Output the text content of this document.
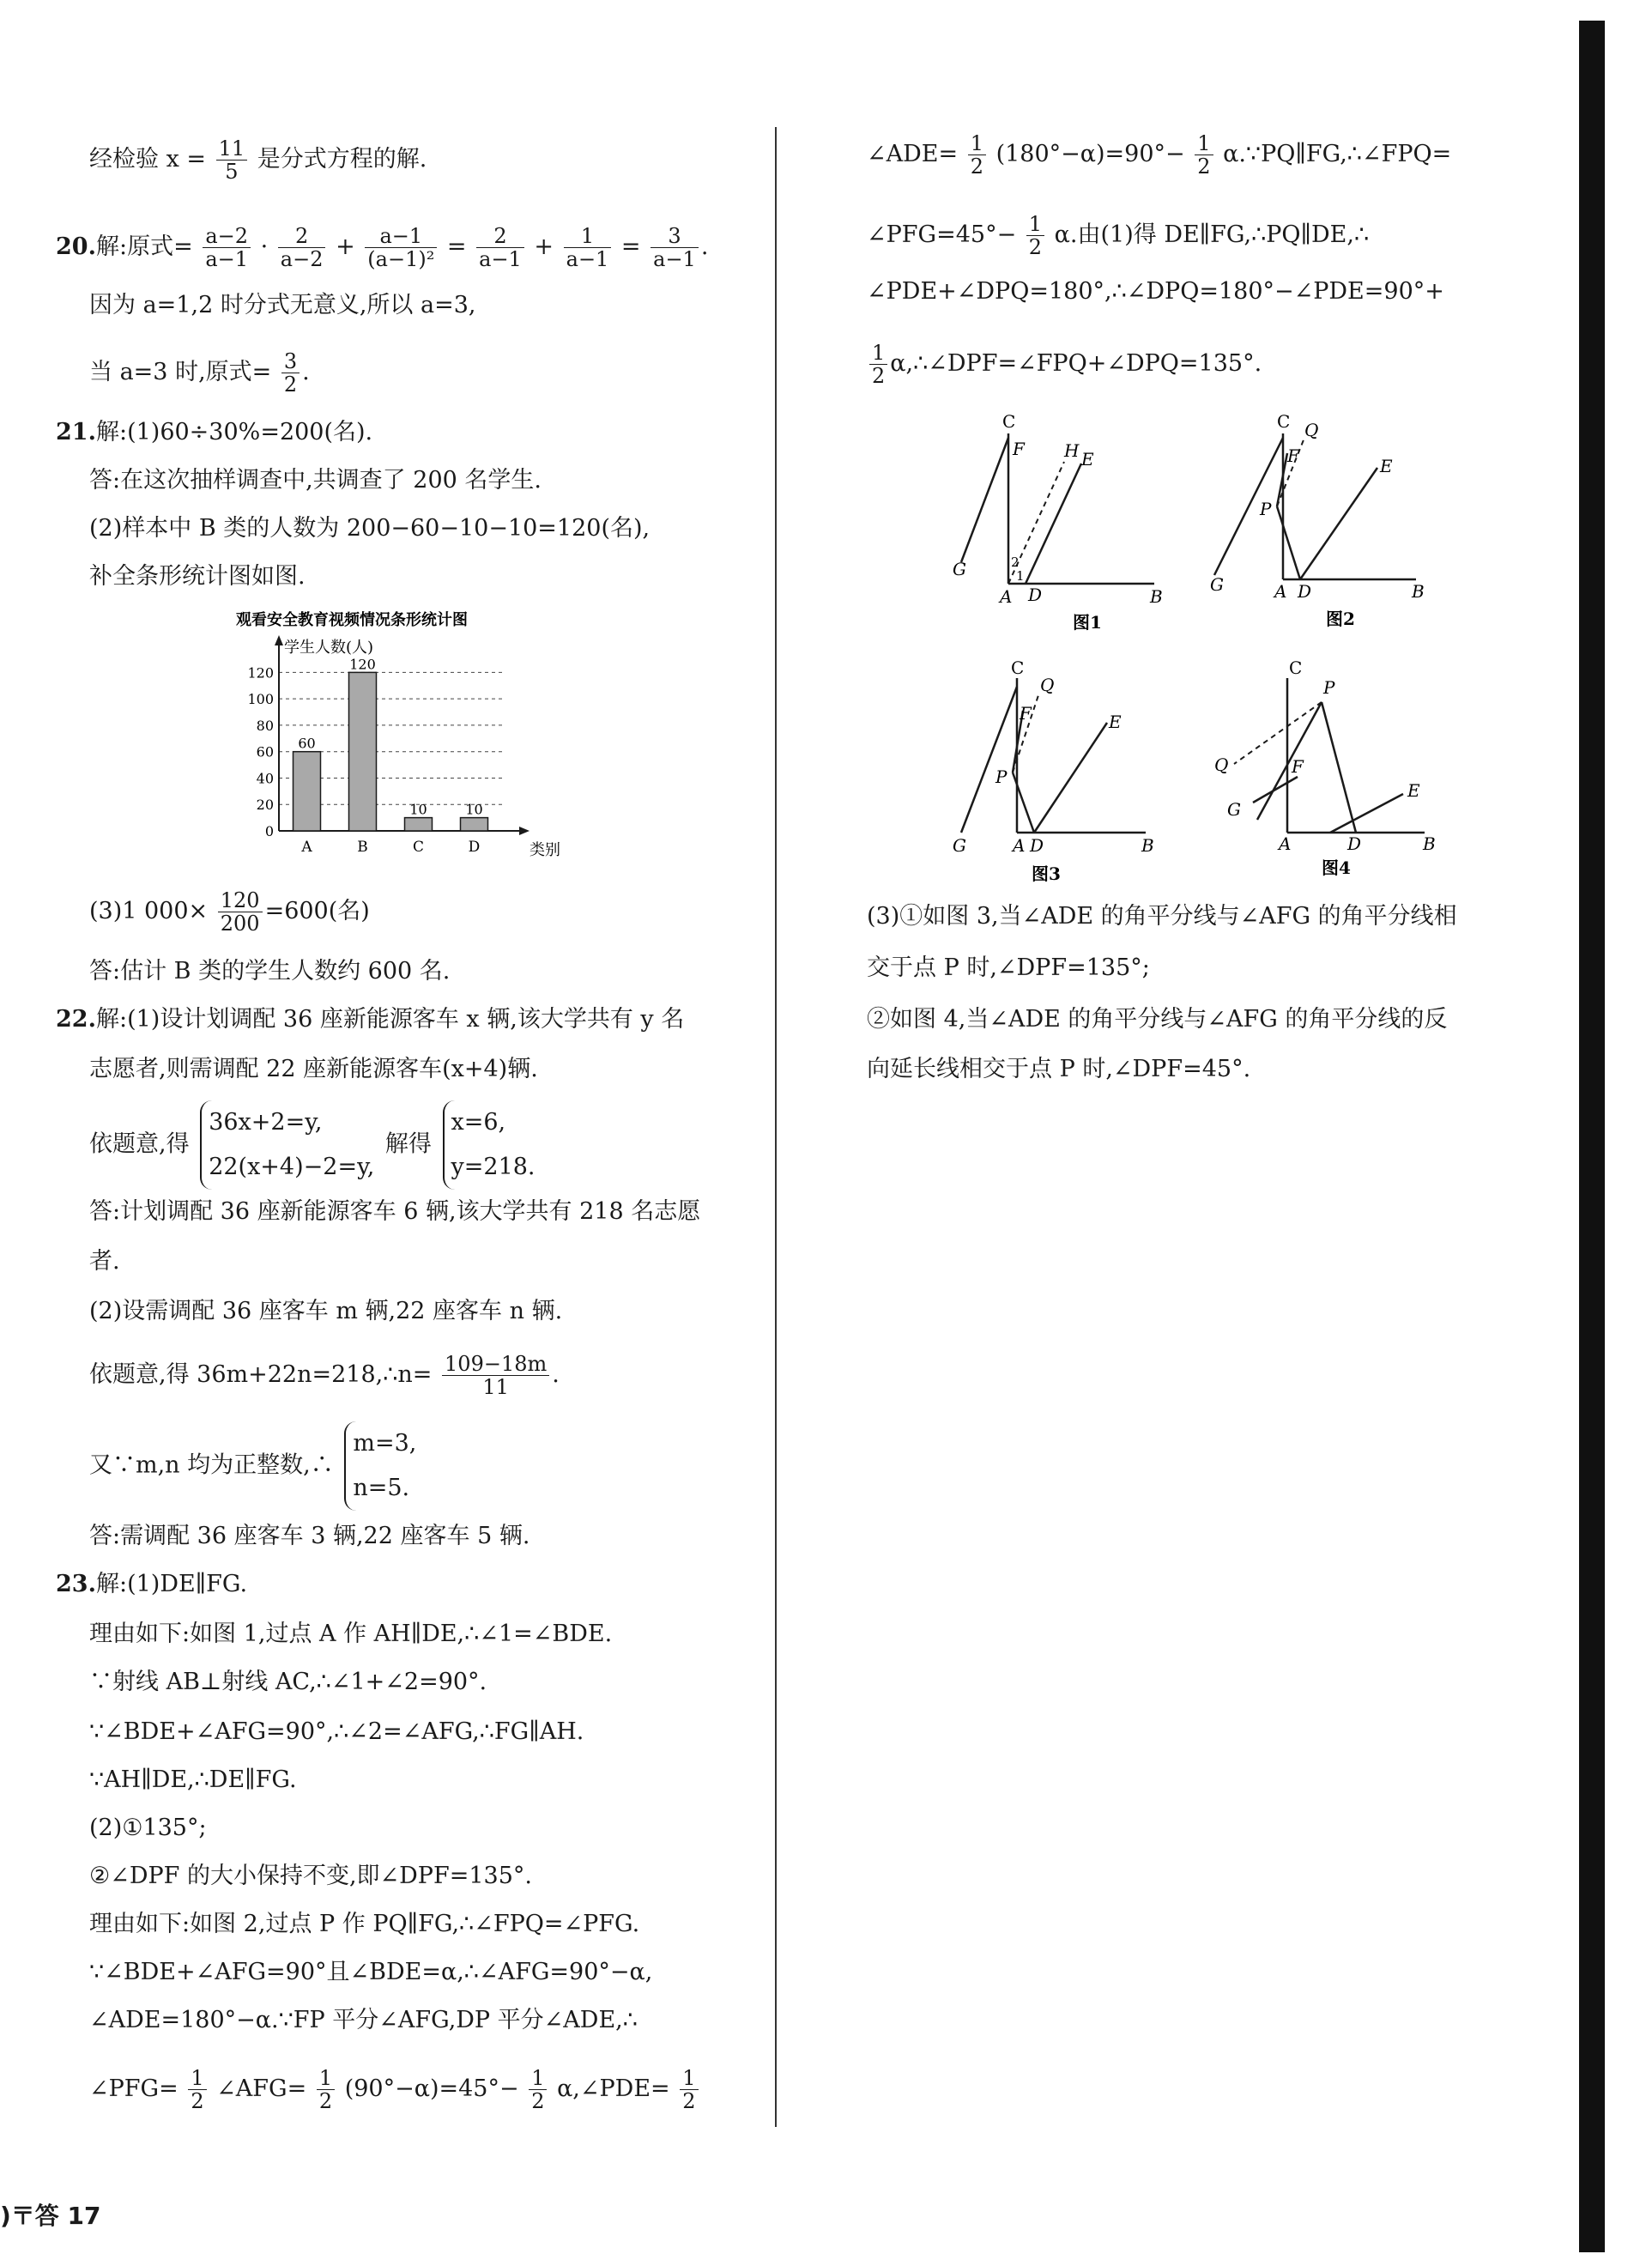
经检验 $x = \frac{11}{5}$ 是分式方程的解.
20.解:原式= $\frac{a-2}{a-1} \cdot \frac{2}{a-2} + \frac{a-1}{\text{(a−1)²}} = \frac{2}{a-1} + \frac{1}{a-1} = \frac{3}{a-1}$ .
因为 a=1,2 时分式无意义,所以 a=3,
当 a=3 时,原式= $\frac{3}{2}$ .
21.解:(1)60÷30%=200(名).
答:在这次抽样调查中,共调查了 200 名学生.
(2)样本中 B 类的人数为 200−60−10−10=120(名),
补全条形统计图如图.
观看安全教育视频情况条形统计图
学生人数(人)
类别
0
20
40
60
80
100
120
60
A
120
B
10
C
10
D
(3)1 $000\times \frac{120}{200} =600$(名)
答:估计 B 类的学生人数约 600 名.
22.解:(1)设计划调配 36 座新能源客车 x 辆,该大学共有 y 名
志愿者,则需调配 22 座新能源客车(x+4)辆.
依题意,得
36x+2=y,
22(x+4)−2=y,
解得
x=6,
y=218.
答:计划调配 36 座新能源客车 6 辆,该大学共有 218 名志愿
者.
(2)设需调配 36 座客车 m 辆,22 座客车 n 辆.
依题意,得 36m+22n=218,∴n= $\frac{109-18m}{11}$ .
又∵m,n 均为正整数,∴
m=3,
n=5.
答:需调配 36 座客车 3 辆,22 座客车 5 辆.
23.解:(1)DE∥FG.
理由如下:如图 1,过点 A 作 AH∥DE,∴∠1=∠BDE.
∵射线 AB⊥射线 AC,∴∠1+∠2=90°.
∵∠BDE+∠AFG=90°,∴∠2=∠AFG,∴FG∥AH.
∵AH∥DE,∴DE∥FG.
(2)①135°;
②∠DPF 的大小保持不变,即∠DPF=135°.
理由如下:如图 2,过点 P 作 PQ∥FG,∴∠FPQ=∠PFG.
∵∠BDE+∠AFG=90°且∠BDE=α,∴∠AFG=90°−α,
∠ADE=180°−α.∵FP 平分∠AFG,DP 平分∠ADE,∴
∠PFG= $\frac{1}{2}$ ∠AFG= $\frac{1}{2} (90^\circ-\alpha)=45^\circ- \frac{1}{2}$ α,∠PDE= $\frac{1}{2}$
)〒答 17
∠ADE= $\frac{1}{2} (180^\circ-\alpha)=90^\circ- \frac{1}{2}$ α.∵PQ∥FG,∴∠FPQ=
∠PFG=45°− $\frac{1}{2} \alpha$.由(1)得 DE∥FG,∴PQ∥DE,∴
∠PDE+∠DPQ=180°,∴∠DPQ=180°−∠PDE=90°+
$\frac{1}{2}$ α,∴∠DPF=∠FPQ+∠DPQ=135°.
C
F H E
G
A D	B
1
2
图1
C Q
F	E
P
G	A D	B
图2
C
Q
F	E
P
G	A D	B
图3
C
P
Q	F
G
E
A	D	B
图4
(3)①如图 3,当∠ADE 的角平分线与∠AFG 的角平分线相
交于点 P 时,∠DPF=135°;
②如图 4,当∠ADE 的角平分线与∠AFG 的角平分线的反
向延长线相交于点 P 时,∠DPF=45°.
